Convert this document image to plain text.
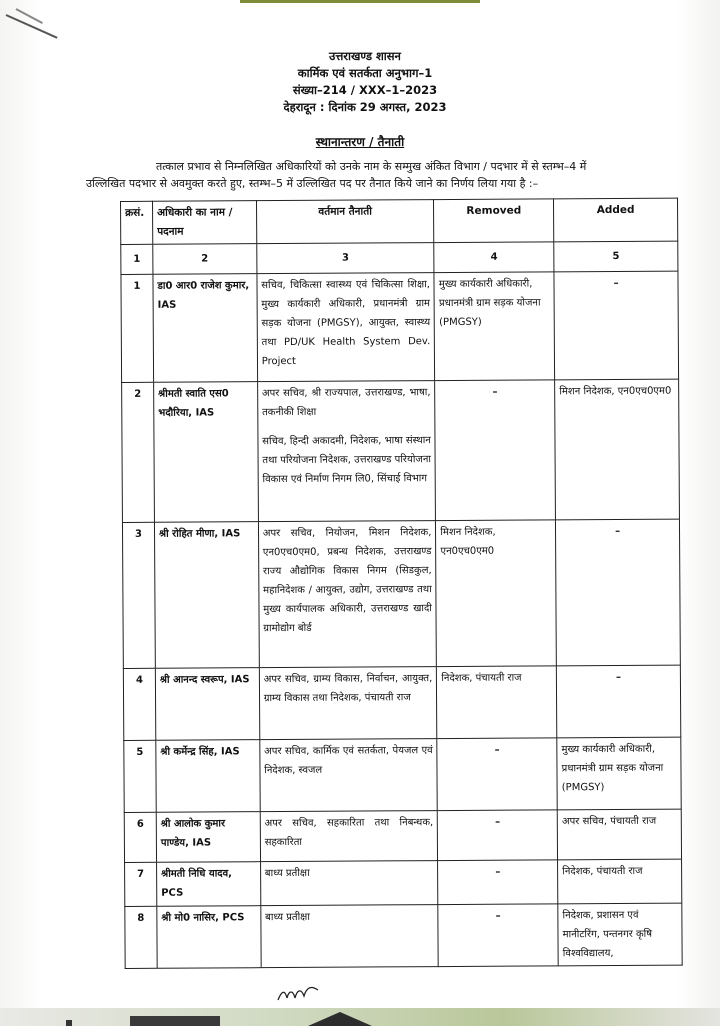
उत्तराखण्ड शासन
कार्मिक एवं सतर्कता अनुभाग–1
संख्या–214 / XXX–1–2023
देहरादून : दिनांक 29 अगस्त, 2023
स्थानान्तरण / तैनाती
तत्काल प्रभाव से निम्नलिखित अधिकारियों को उनके नाम के सम्मुख अंकित विभाग / पदभार में से स्तम्भ–4 में
उल्लिखित पदभार से अवमुक्त करते हुए, स्तम्भ–5 में उल्लिखित पद पर तैनात किये जाने का निर्णय लिया गया है :–
क्रसं.	अधिकारी का नाम / पदनाम	वर्तमान तैनाती	Removed	Added
1	2	3	4	5
1	डा0 आर0 राजेश कुमार, IAS	सचिव, चिकित्सा स्वास्थ्य एवं चिकित्सा शिक्षा, मुख्य कार्यकारी अधिकारी, प्रधानमंत्री ग्राम सड़क योजना (PMGSY), आयुक्त, स्वास्थ्य तथा PD/UK Health System Dev. Project	मुख्य कार्यकारी अधिकारी, प्रधानमंत्री ग्राम सड़क योजना (PMGSY)	–

2	श्रीमती स्वाति एस0 भदौरिया, IAS	अपर सचिव, श्री राज्यपाल, उत्तराखण्ड, भाषा, तकनीकी शिक्षा
सचिव, हिन्दी अकादमी, निदेशक, भाषा संस्थान तथा परियोजना निदेशक, उत्तराखण्ड परियोजना विकास एवं निर्माण निगम लि0, सिंचाई विभाग	–	मिशन निदेशक, एन0एच0एम0
3	श्री रोहित मीणा, IAS	अपर सचिव, नियोजन, मिशन निदेशक, एन0एच0एम0, प्रबन्ध निदेशक, उत्तराखण्ड राज्य औद्योगिक विकास निगम (सिडकुल, महानिदेशक / आयुक्त, उद्योग, उत्तराखण्ड तथा मुख्य कार्यपालक अधिकारी, उत्तराखण्ड खादी ग्रामोद्योग बोर्ड	मिशन निदेशक, एन0एच0एम0	–

4	श्री आनन्द स्वरूप, IAS	अपर सचिव, ग्राम्य विकास, निर्वाचन, आयुक्त, ग्राम्य विकास तथा निदेशक, पंचायती राज	निदेशक, पंचायती राज	–

5	श्री कर्मेन्द्र सिंह, IAS	अपर सचिव, कार्मिक एवं सतर्कता, पेयजल एवं निदेशक, स्वजल	–	मुख्य कार्यकारी अधिकारी, प्रधानमंत्री ग्राम सड़क योजना (PMGSY)
6	श्री आलोक कुमार पाण्डेय, IAS	अपर सचिव, सहकारिता तथा निबन्धक, सहकारिता	–	अपर सचिव, पंचायती राज
7	श्रीमती निधि यादव, PCS	बाध्य प्रतीक्षा	–	निदेशक, पंचायती राज
8	श्री मो0 नासिर, PCS	बाध्य प्रतीक्षा	–	निदेशक, प्रशासन एवं मानीटरिंग, पन्तनगर कृषि विश्वविद्यालय,
